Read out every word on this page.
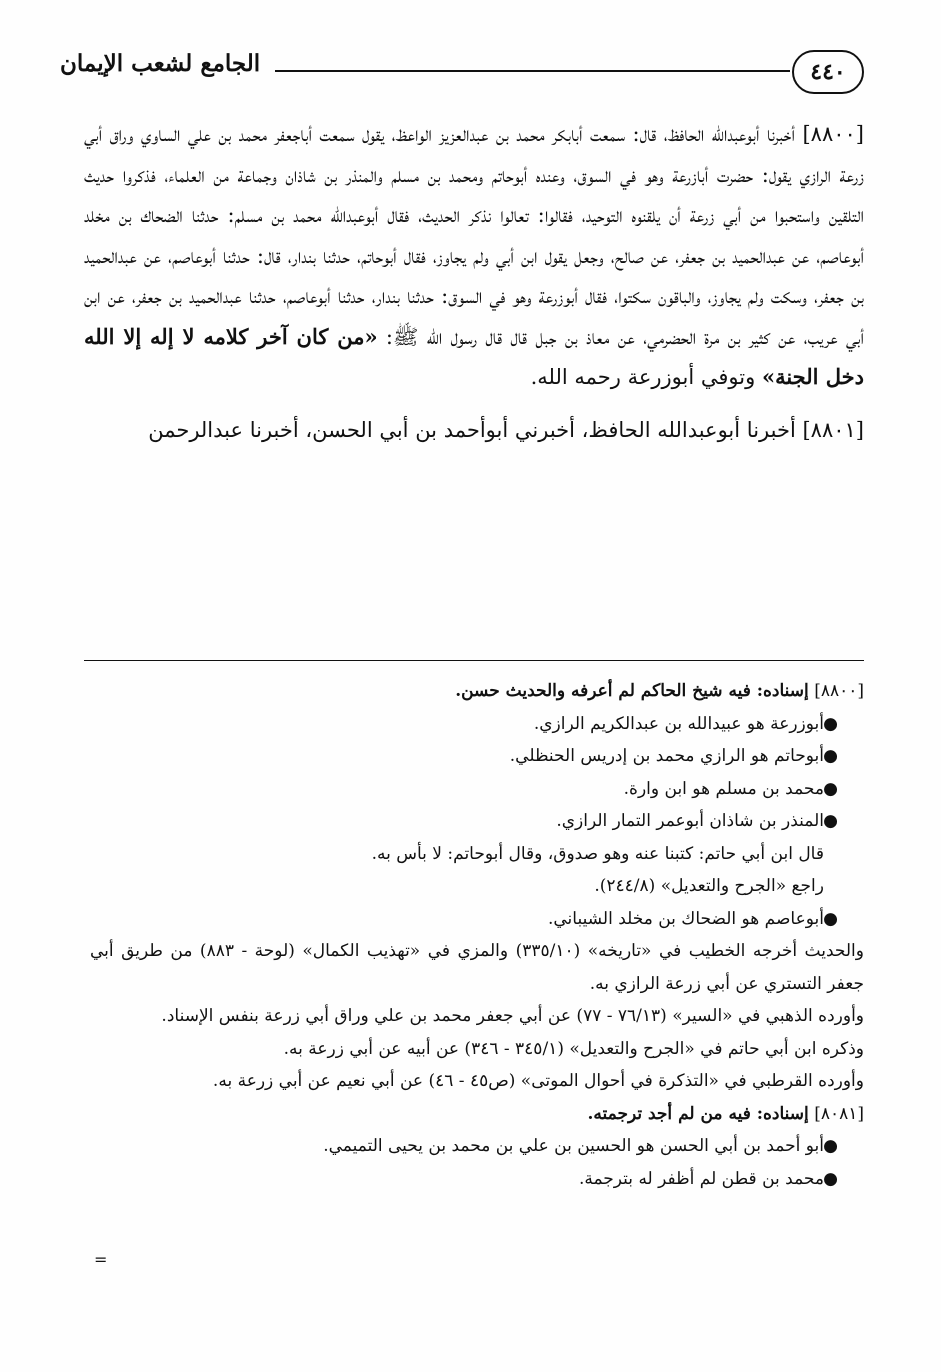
٤٤٠
الجامع لشعب الإيمان

[٨٨٠٠] أخبرنا أبوعبدالله الحافظ، قال: سمعت أبابكر محمد بن عبدالعزيز الواعظ، يقول سمعت أباجعفر محمد بن علي الساوي وراق أبي زرعة الرازي يقول: حضرت أبازرعة وهو في السوق، وعنده أبوحاتم ومحمد بن مسلم والمنذر بن شاذان وجماعة من العلماء، فذكروا حديث التلقين واستحبوا من أبي زرعة أن يلقنوه التوحيد، فقالوا: تعالوا نذكر الحديث، فقال أبوعبدالله محمد بن مسلم: حدثنا الضحاك بن مخلد أبوعاصم، عن عبدالحميد بن جعفر، عن صالح، وجعل يقول ابن أبي ولم يجاوز، فقال أبوحاتم، حدثنا بندار، قال: حدثنا أبوعاصم، عن عبدالحميد بن جعفر، وسكت ولم يجاوز، والباقون سكتوا، فقال أبوزرعة وهو في السوق: حدثنا بندار، حدثنا أبوعاصم، حدثنا عبدالحميد بن جعفر، عن ابن أبي عريب، عن كثير بن مرة الحضرمي، عن معاذ بن جبل قال قال رسول الله ﷺ: «من كان آخر كلامه لا إله إلا الله دخل الجنة» وتوفي أبوزرعة رحمه الله.

[٨٨٠١] أخبرنا أبوعبدالله الحافظ، أخبرني أبوأحمد بن أبي الحسن، أخبرنا عبدالرحمن

[٨٨٠٠] إسناده: فيه شيخ الحاكم لم أعرفه والحديث حسن.

●أبوزرعة هو عبيدالله بن عبدالكريم الرازي.

●أبوحاتم هو الرازي محمد بن إدريس الحنظلي.

●محمد بن مسلم هو ابن وارة.

●المنذر بن شاذان أبوعمر التمار الرازي.

قال ابن أبي حاتم: كتبنا عنه وهو صدوق، وقال أبوحاتم: لا بأس به.

راجع «الجرح والتعديل» (٢٤٤/٨).

●أبوعاصم هو الضحاك بن مخلد الشيباني.

والحديث أخرجه الخطيب في «تاريخه» (٣٣٥/١٠) والمزي في «تهذيب الكمال» (لوحة - ٨٨٣) من طريق أبي جعفر التستري عن أبي زرعة الرازي به.

وأورده الذهبي في «السير» (٧٦/١٣ - ٧٧) عن أبي جعفر محمد بن علي وراق أبي زرعة بنفس الإسناد.

وذكره ابن أبي حاتم في «الجرح والتعديل» (٣٤٥/١ - ٣٤٦) عن أبيه عن أبي زرعة به.

وأورده القرطبي في «التذكرة في أحوال الموتى» (ص٤٥ - ٤٦) عن أبي نعيم عن أبي زرعة به.

[٨٠٨١] إسناده: فيه من لم أجد ترجمته.

●أبو أحمد بن أبي الحسن هو الحسين بن علي بن محمد بن يحيى التميمي.

●محمد بن قطن لم أظفر له بترجمة.

=
